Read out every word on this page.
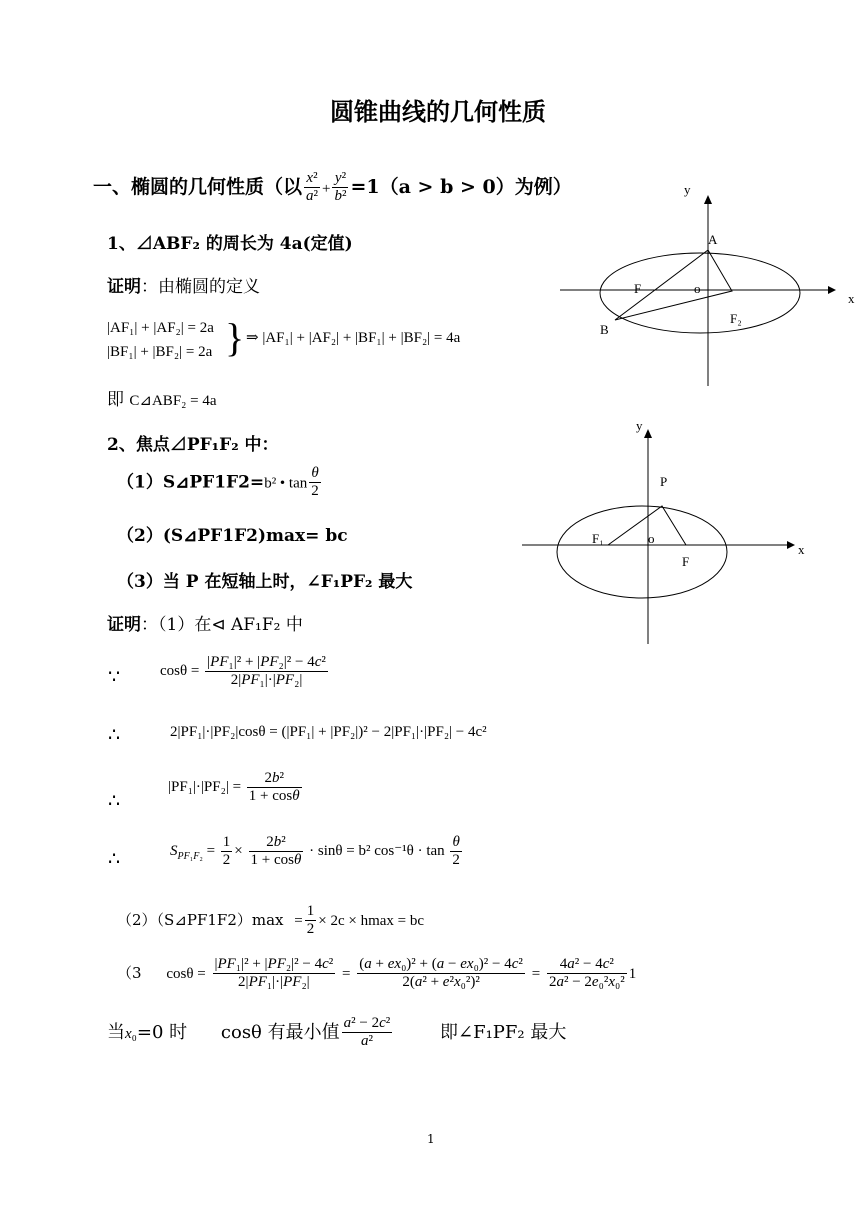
圆锥曲线的几何性质
一、椭圆的几何性质（以 $\frac{\text{x²}}{\text{a²}} + \frac{\text{y²}}{\text{b²}} =1(a > b > 0)$为例）
1、⊿ABF₂ 的周长为 4a(定值)
证明：由椭圆的定义
|AF₁| + |AF₂| = 2a
|BF₁| + |BF₂| = 2a } ⇒ |AF₁| + |AF₂| + |BF₁| + |BF₂| = 4a
即 C⊿ABF₂ = 4a
y
x
A
F	o
F₂
B
2、焦点⊿PF₁F₂ 中：
（1）S⊿PF1F2=b² • $\tan \frac{\theta}{2}$
（2）(S⊿PF1F2)max= bc
（3）当 P 在短轴上时，∠F₁PF₂ 最大
y
x
P
F₁	o
F
证明：（1）在⊲ AF₁F₂ 中
∵	$\cos\theta = \frac{\text{|PF₁|² + |PF₂|² − 4c²}}{\text{2|PF₁|·|PF₂|}}$
∴	2|PF₁|·|PF₂|cosθ = (|PF₁| + |PF₂|)² − 2|PF₁|·|PF₂| − 4c²
∴
$|PF_1|\cdot|PF_2| = \frac{\text{2b²}}{1 + \cos\theta}$
∴	$S_{PF_1F_2} = \frac{1}{2} \times \frac{\text{2b²}}{1 + \cos\theta} \cdot \sin\theta = b^2$ $\cos^{-1}\theta \cdot \tan \frac{\theta}{2}$
（2）（S⊿PF1F2）max = $\frac{1}{2} \times 2c \times hmax$ = bc
（3 $\cos\theta = \frac{\text{|PF₁|² + |PF₂|² − 4c²}}{\text{2|PF₁|·|PF₂|}} = \frac{\text{(a + ex₀)² + (a − ex₀)² − 4c²}}{\text{2(a² + e²x₀²)²}} = \frac{\text{4a² − 4c²}}{\text{2a² − 2e₀²x₀²}} 1$
当x₀=0 时 cosθ 有最小值 $\frac{\text{a² − 2c²}}{\text{a²}}$	即∠F₁PF₂ 最大
1
